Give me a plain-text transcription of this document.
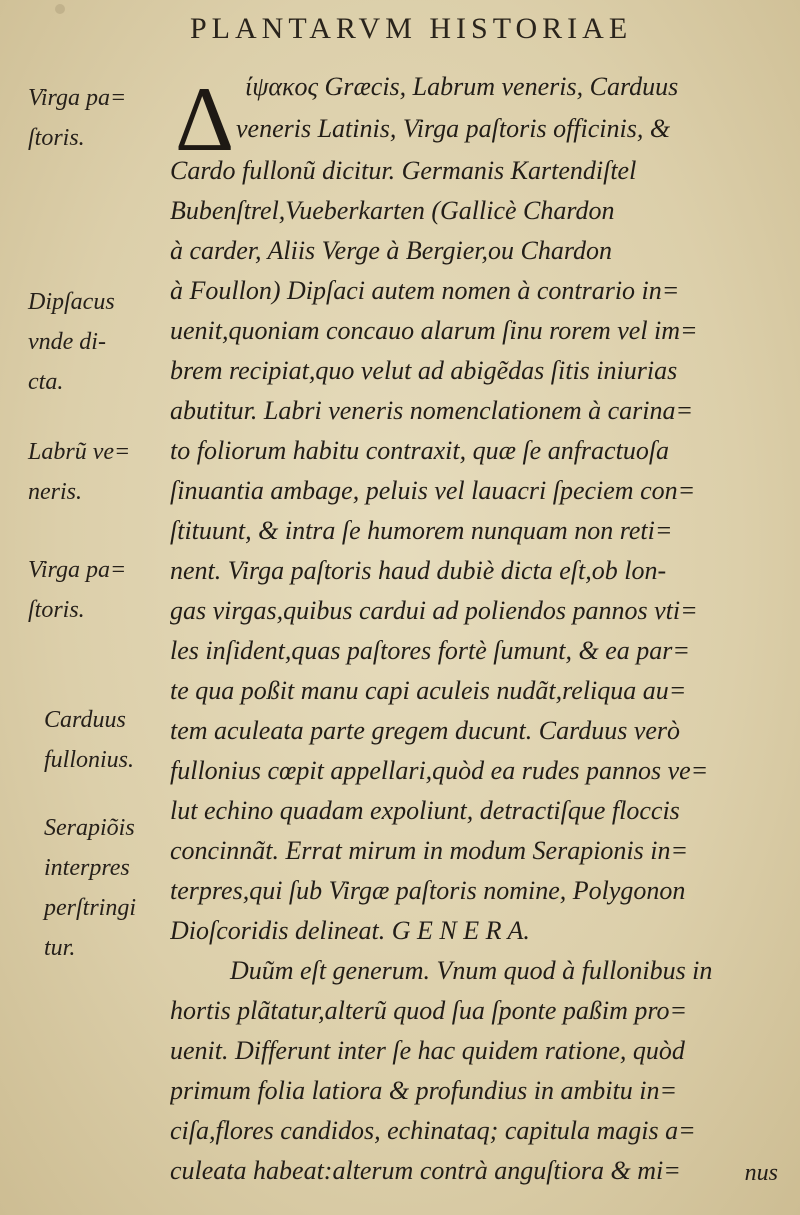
PLANTARVM HISTORIAE
Virga pa=
ſtoris.
Dipſacus
vnde di-
cta.
Labrũ ve=
neris.
Virga pa=
ſtoris.
Carduus
fullonius.
Serapiõis
interpres
perſtringi
tur.
Δ ίψακος Græcis, Labrum veneris, Carduus
veneris Latinis, Virga paſtoris officinis, &
Cardo fullonũ dicitur. Germanis Kartendiſtel
Bubenſtrel,Vueberkarten (Gallicè Chardon
à carder, Aliis Verge à Bergier,ou Chardon
à Foullon) Dipſaci autem nomen à contrario in=
uenit,quoniam concauo alarum ſinu rorem vel im=
brem recipiat,quo velut ad abigẽdas ſitis iniurias
abutitur. Labri veneris nomenclationem à carina=
to foliorum habitu contraxit, quæ ſe anfractuoſa
ſinuantia ambage, peluis vel lauacri ſpeciem con=
ſtituunt, & intra ſe humorem nunquam non reti=
nent. Virga paſtoris haud dubiè dicta eſt,ob lon-
gas virgas,quibus cardui ad poliendos pannos vti=
les inſident,quas paſtores fortè ſumunt, & ea par=
te qua poßit manu capi aculeis nudãt,reliqua au=
tem aculeata parte gregem ducunt. Carduus verò
fullonius cœpit appellari,quòd ea rudes pannos ve=
lut echino quadam expoliunt, detractiſque floccis
concinnãt. Errat mirum in modum Serapionis in=
terpres,qui ſub Virgæ paſtoris nomine, Polygonon
Dioſcoridis delineat. G E N E R A.
Duũm eſt generum. Vnum quod à fullonibus in
hortis plãtatur,alterũ quod ſua ſponte paßim pro=
uenit. Differunt inter ſe hac quidem ratione, quòd
primum folia latiora & profundius in ambitu in=
ciſa,flores candidos, echinataq; capitula magis a=
culeata habeat:alterum contrà anguſtiora & mi=	nus
